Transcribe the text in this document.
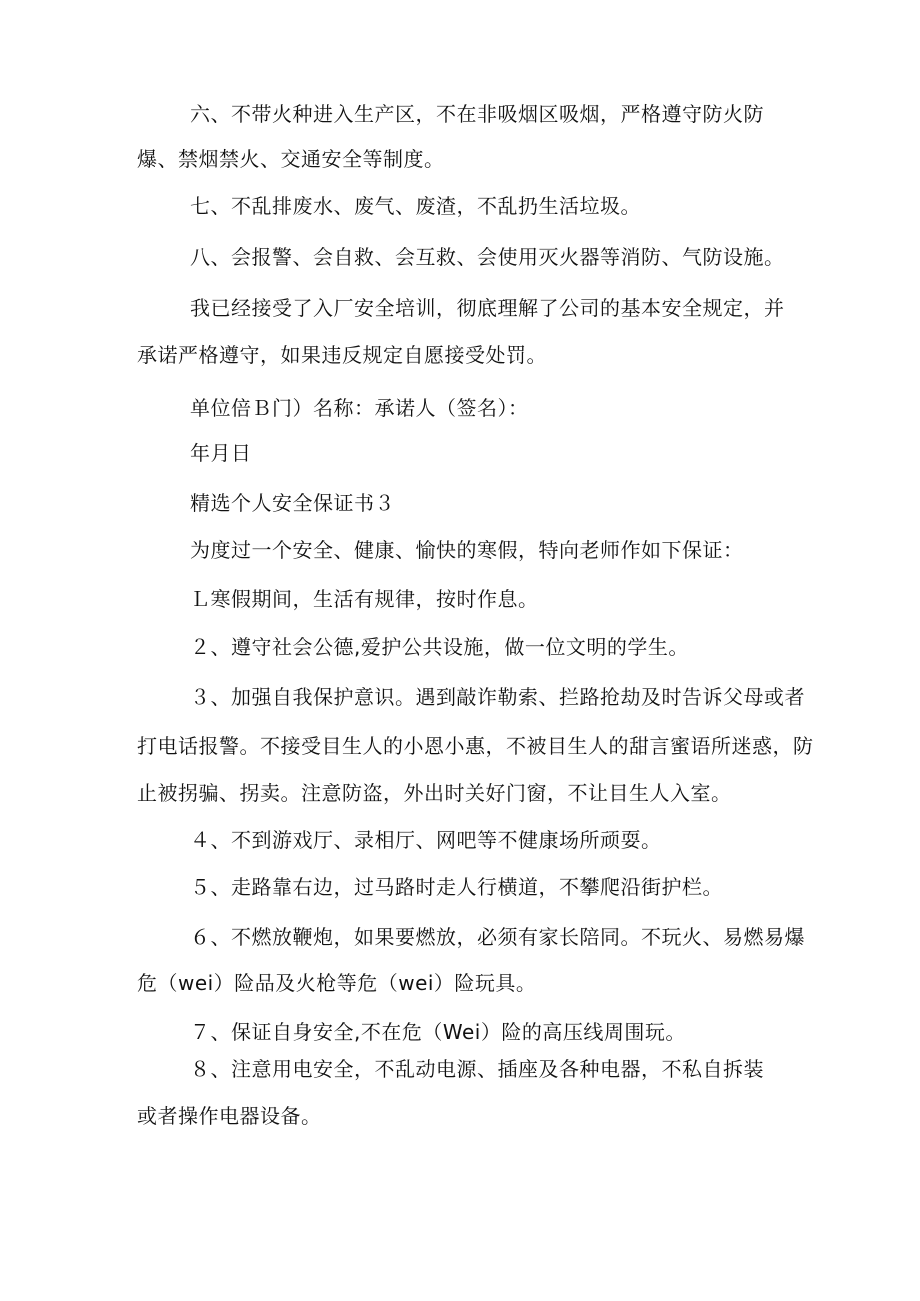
六、不带火种进入生产区，不在非吸烟区吸烟，严格遵守防火防
爆、禁烟禁火、交通安全等制度。
七、不乱排废水、废气、废渣，不乱扔生活垃圾。
八、会报警、会自救、会互救、会使用灭火器等消防、气防设施。
我已经接受了入厂安全培训，彻底理解了公司的基本安全规定，并
承诺严格遵守，如果违反规定自愿接受处罚。
单位倍Ｂ门）名称：承诺人（签名）：
年月日
精选个人安全保证书３
为度过一个安全、健康、愉快的寒假，特向老师作如下保证：
Ｌ寒假期间，生活有规律，按时作息。
２、遵守社会公德,爱护公共设施，做一位文明的学生。
３、加强自我保护意识。遇到敲诈勒索、拦路抢劫及时告诉父母或者
打电话报警。不接受目生人的小恩小惠，不被目生人的甜言蜜语所迷惑，防
止被拐骗、拐卖。注意防盗，外出时关好门窗，不让目生人入室。
４、不到游戏厅、录相厅、网吧等不健康场所顽耍。
５、走路靠右边，过马路时走人行横道，不攀爬沿街护栏。
６、不燃放鞭炮，如果要燃放，必须有家长陪同。不玩火、易燃易爆
危（wei）险品及火枪等危（wei）险玩具。
７、保证自身安全,不在危（Wei）险的高压线周围玩。
８、注意用电安全，不乱动电源、插座及各种电器，不私自拆装
或者操作电器设备。
